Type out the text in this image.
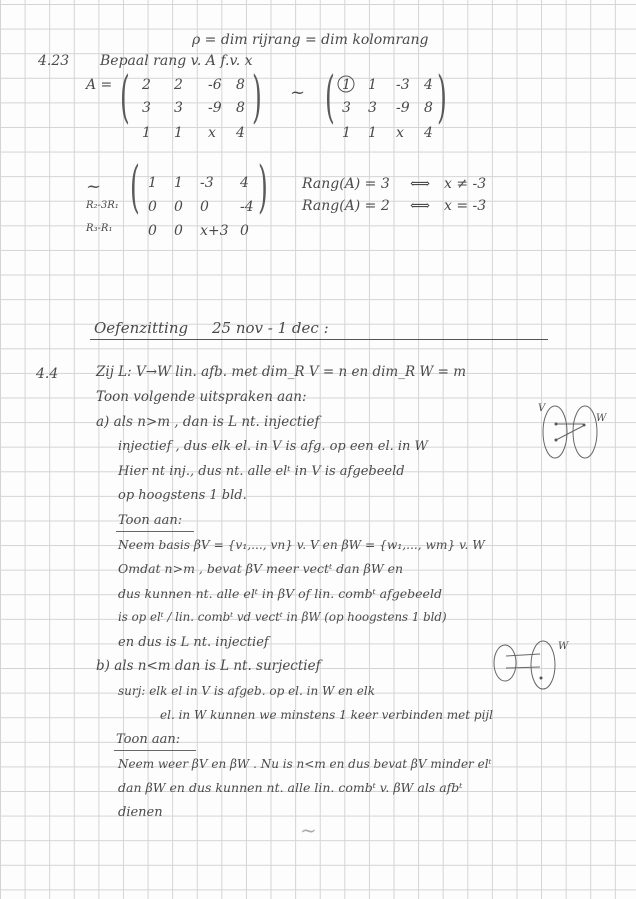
ρ = dim rijrang = dim kolomrang
4.23 Bepaal rang v. A f.v. x
A = ( )
2 2 -6 8
3 3 -9 8
1 1 x 4
~ ( )
1 1 -3 4
3 3 -9 8
1 1 x 4
~
R₂-3R₁
R₃-R₁
( )
1 1 -3 4
0 0 0 -4
0 0 x+3 0
Rang(A) = 3 ⟺ x ≠ -3
Rang(A) = 2 ⟺ x = -3
Oefenzitting 25 nov - 1 dec :
4.4	Zij L: V→W lin. afb. met dim_R V = n en dim_R W = m
Toon volgende uitspraken aan:
a) als n>m , dan is L nt. injectief
injectief , dus elk el. in V is afg. op een el. in W
Hier nt inj., dus nt. alle elᵗ in V is afgebeeld
op hoogstens 1 bld.
Toon aan:
Neem basis βV = {v₁,..., vn} v. V en βW = {w₁,..., wm} v. W
Omdat n>m , bevat βV meer vectᵗ dan βW en
dus kunnen nt. alle elᵗ in βV of lin. combᵗ afgebeeld
is op elᵗ / lin. combᵗ vd vectᵗ in βW (op hoogstens 1 bld)
en dus is L nt. injectief
b) als n<m dan is L nt. surjectief
surj: elk el in V is afgeb. op el. in W en elk
el. in W kunnen we minstens 1 keer verbinden met pijl
Toon aan:
Neem weer βV en βW . Nu is n<m en dus bevat βV minder elᵗ
dan βW en dus kunnen nt. alle lin. combᵗ v. βW als afbᵗ
dienen
~
V
W
W
